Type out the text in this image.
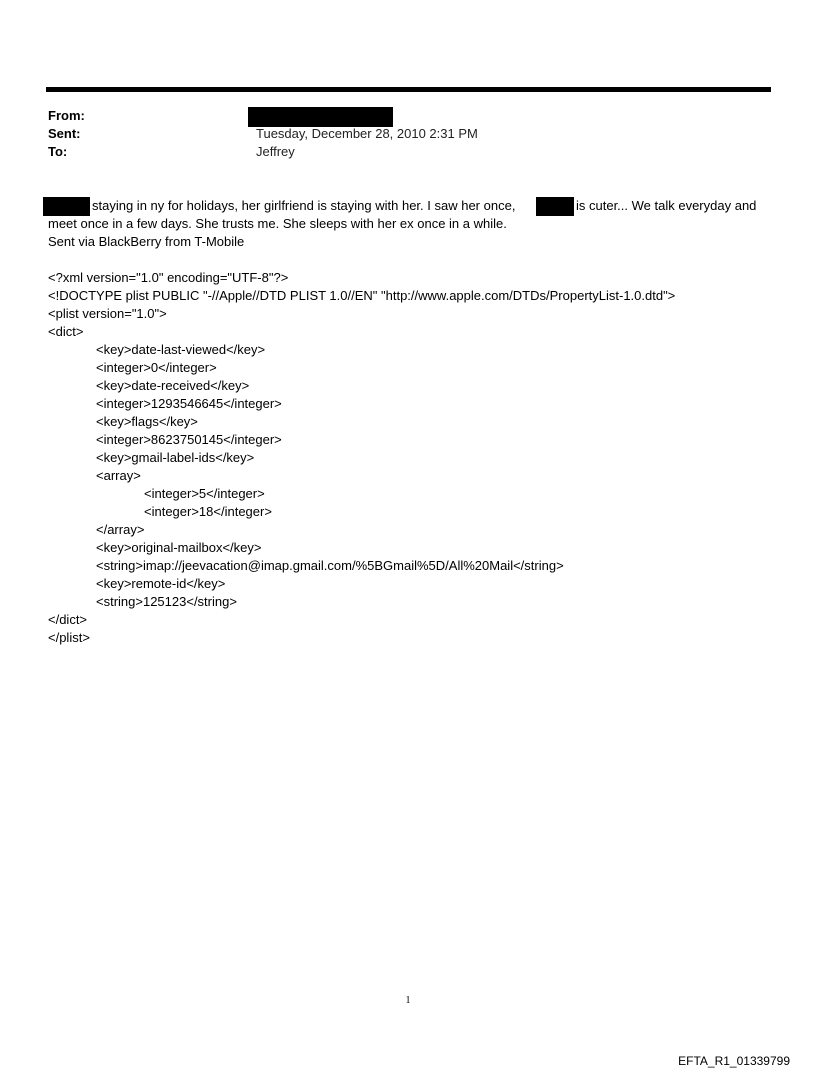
From:
Sent:	Tuesday, December 28, 2010 2:31 PM
To:	Jeffrey
staying in ny for holidays, her girlfriend is staying with her. I saw her once,	is cuter... We talk everyday and
meet once in a few days. She trusts me. She sleeps with her ex once in a while.
Sent via BlackBerry from T-Mobile
<?xml version="1.0" encoding="UTF-8"?>
<!DOCTYPE plist PUBLIC "-//Apple//DTD PLIST 1.0//EN" "http://www.apple.com/DTDs/PropertyList-1.0.dtd">
<plist version="1.0">
<dict>
<key>date-last-viewed</key>
<integer>0</integer>
<key>date-received</key>
<integer>1293546645</integer>
<key>flags</key>
<integer>8623750145</integer>
<key>gmail-label-ids</key>
<array>
<integer>5</integer>
<integer>18</integer>
</array>
<key>original-mailbox</key>
<string>imap://jeevacation@imap.gmail.com/%5BGmail%5D/All%20Mail</string>
<key>remote-id</key>
<string>125123</string>
</dict>
</plist>
1
EFTA_R1_01339799
